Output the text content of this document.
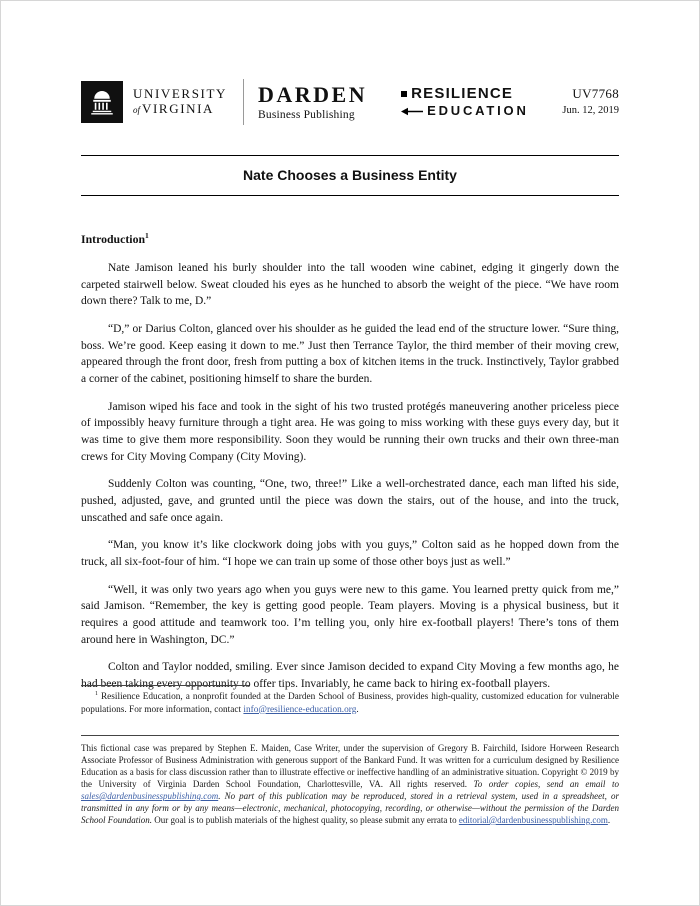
UNIVERSITY
of VIRGINIA
DARDEN
Business Publishing
RESILIENCE
EDUCATION
UV7768
Jun. 12, 2019
Nate Chooses a Business Entity
Introduction$^1$

Nate Jamison leaned his burly shoulder into the tall wooden wine cabinet, edging it gingerly down the carpeted stairwell below. Sweat clouded his eyes as he hunched to absorb the weight of the piece. “We have room down there? Talk to me, D.”

“D,” or Darius Colton, glanced over his shoulder as he guided the lead end of the structure lower. “Sure thing, boss. We’re good. Keep easing it down to me.” Just then Terrance Taylor, the third member of their moving crew, appeared through the front door, fresh from putting a box of kitchen items in the truck. Instinctively, Taylor grabbed a corner of the cabinet, positioning himself to share the burden.

Jamison wiped his face and took in the sight of his two trusted protégés maneuvering another priceless piece of impossibly heavy furniture through a tight area. He was going to miss working with these guys every day, but it was time to give them more responsibility. Soon they would be running their own trucks and their own three-man crews for City Moving Company (City Moving).

Suddenly Colton was counting, “One, two, three!” Like a well-orchestrated dance, each man lifted his side, pushed, adjusted, gave, and grunted until the piece was down the stairs, out of the house, and into the truck, unscathed and safe once again.

“Man, you know it’s like clockwork doing jobs with you guys,” Colton said as he hopped down from the truck, all six-foot-four of him. “I hope we can train up some of those other boys just as well.”

“Well, it was only two years ago when you guys were new to this game. You learned pretty quick from me,” said Jamison. “Remember, the key is getting good people. Team players. Moving is a physical business, but it requires a good attitude and teamwork too. I’m telling you, only hire ex-football players! There’s tons of them around here in Washington, DC.”

Colton and Taylor nodded, smiling. Ever since Jamison decided to expand City Moving a few months ago, he had been taking every opportunity to offer tips. Invariably, he came back to hiring ex-football players.

$^1$ Resilience Education, a nonprofit founded at the Darden School of Business, provides high-quality, customized education for vulnerable populations. For more information, contact info@resilience-education.org.
This fictional case was prepared by Stephen E. Maiden, Case Writer, under the supervision of Gregory B. Fairchild, Isidore Horween Research Associate Professor of Business Administration with generous support of the Bankard Fund. It was written for a curriculum designed by Resilience Education as a basis for class discussion rather than to illustrate effective or ineffective handling of an administrative situation. Copyright © 2019 by the University of Virginia Darden School Foundation, Charlottesville, VA. All rights reserved. To order copies, send an email to sales@dardenbusinesspublishing.com. No part of this publication may be reproduced, stored in a retrieval system, used in a spreadsheet, or transmitted in any form or by any means—electronic, mechanical, photocopying, recording, or otherwise—without the permission of the Darden School Foundation. Our goal is to publish materials of the highest quality, so please submit any errata to editorial@dardenbusinesspublishing.com.
